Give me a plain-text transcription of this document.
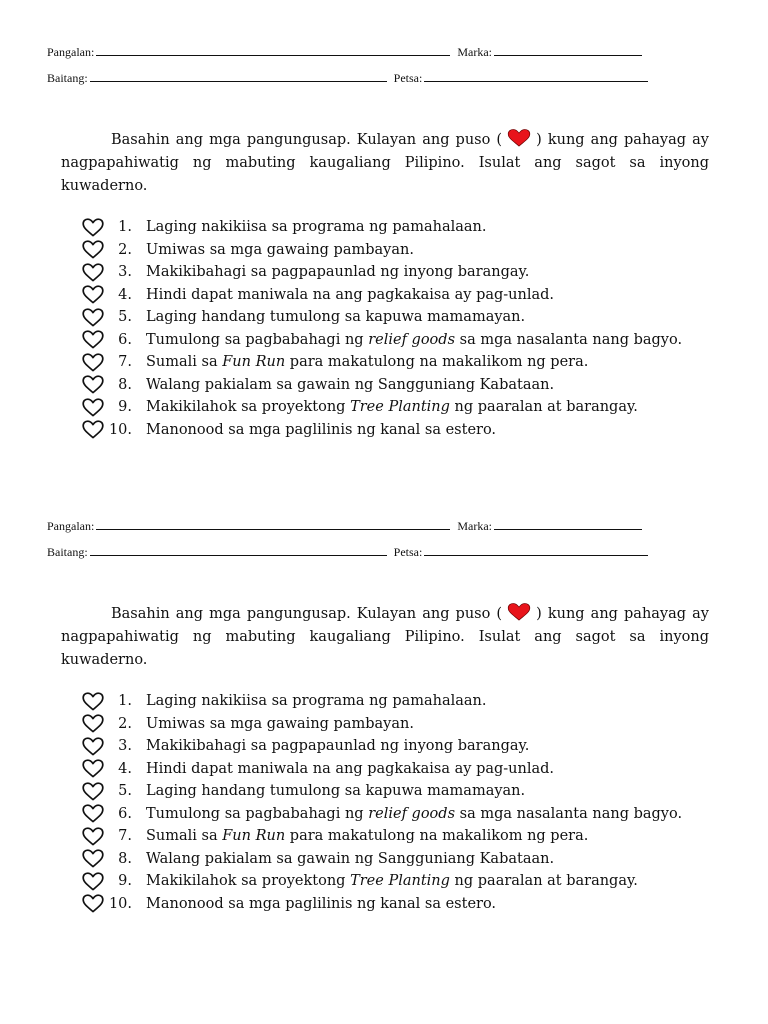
Pangalan:	Marka:
Baitang:	Petsa:
Basahin ang mga pangungusap. Kulayan ang puso ( ) kung ang pahayag ay nagpapahiwatig ng mabuting kaugaliang Pilipino. Isulat ang sagot sa inyong kuwaderno.
1. Laging nakikiisa sa programa ng pamahalaan.
2. Umiwas sa mga gawaing pambayan.
3. Makikibahagi sa pagpapaunlad ng inyong barangay.
4. Hindi dapat maniwala na ang pagkakaisa ay pag-unlad.
5. Laging handang tumulong sa kapuwa mamamayan.
6. Tumulong sa pagbabahagi ng relief goods sa mga nasalanta nang bagyo.
7. Sumali sa Fun Run para makatulong na makalikom ng pera.
8. Walang pakialam sa gawain ng Sangguniang Kabataan.
9. Makikilahok sa proyektong Tree Planting ng paaralan at barangay.
10. Manonood sa mga paglilinis ng kanal sa estero.
Pangalan:	Marka:
Baitang:	Petsa:
Basahin ang mga pangungusap. Kulayan ang puso ( ) kung ang pahayag ay nagpapahiwatig ng mabuting kaugaliang Pilipino. Isulat ang sagot sa inyong kuwaderno.
1. Laging nakikiisa sa programa ng pamahalaan.
2. Umiwas sa mga gawaing pambayan.
3. Makikibahagi sa pagpapaunlad ng inyong barangay.
4. Hindi dapat maniwala na ang pagkakaisa ay pag-unlad.
5. Laging handang tumulong sa kapuwa mamamayan.
6. Tumulong sa pagbabahagi ng relief goods sa mga nasalanta nang bagyo.
7. Sumali sa Fun Run para makatulong na makalikom ng pera.
8. Walang pakialam sa gawain ng Sangguniang Kabataan.
9. Makikilahok sa proyektong Tree Planting ng paaralan at barangay.
10. Manonood sa mga paglilinis ng kanal sa estero.
